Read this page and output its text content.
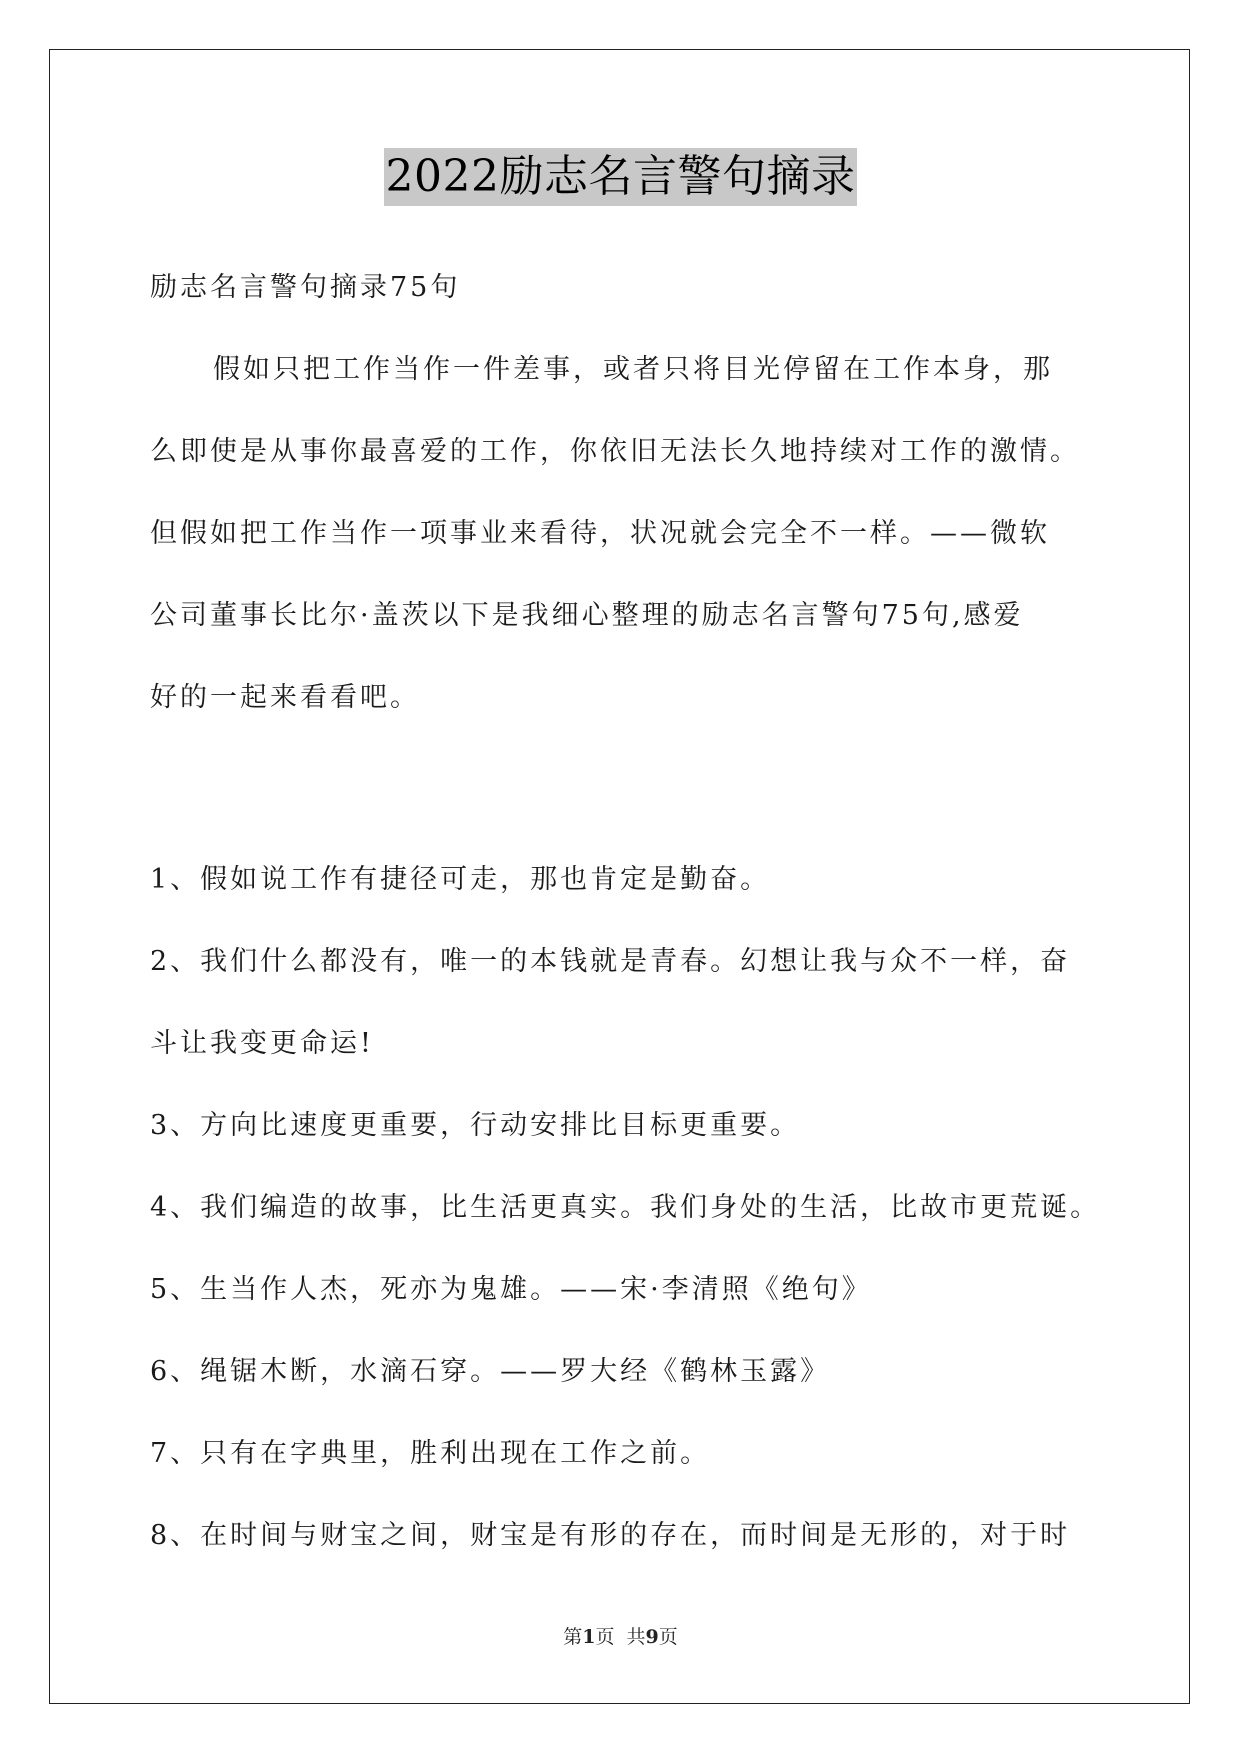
2022励志名言警句摘录
励志名言警句摘录75句
假如只把工作当作一件差事，或者只将目光停留在工作本身，那
么即使是从事你最喜爱的工作，你依旧无法长久地持续对工作的激情。
但假如把工作当作一项事业来看待，状况就会完全不一样。——微软
公司董事长比尔·盖茨以下是我细心整理的励志名言警句75句,感爱
好的一起来看看吧。
1、假如说工作有捷径可走，那也肯定是勤奋。
2、我们什么都没有，唯一的本钱就是青春。幻想让我与众不一样，奋
斗让我变更命运!
3、方向比速度更重要，行动安排比目标更重要。
4、我们编造的故事，比生活更真实。我们身处的生活，比故市更荒诞。
5、生当作人杰，死亦为鬼雄。——宋·李清照《绝句》
6、绳锯木断，水滴石穿。——罗大经《鹤林玉露》
7、只有在字典里，胜利出现在工作之前。
8、在时间与财宝之间，财宝是有形的存在，而时间是无形的，对于时
第1页  共9页
